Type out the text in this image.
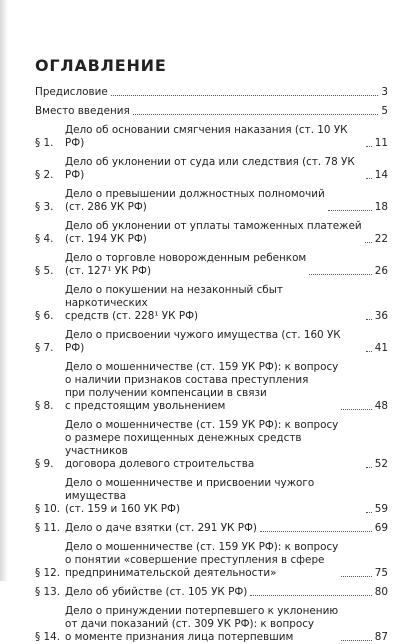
ОГЛАВЛЕНИЕ
Предисловие	3
Вместо введения	5
§ 1.
Дело об основании смягчения наказания (ст. 10 УК РФ)	11
§ 2.
Дело об уклонении от суда или следствия (ст. 78 УК РФ)	14
§ 3.
Дело о превышении должностных полномочий
(ст. 286 УК РФ)	18
§ 4.
Дело об уклонении от уплаты таможенных платежей
(ст. 194 УК РФ)	22
§ 5.
Дело о торговле новорожденным ребенком
(ст. 127¹ УК РФ)	26
§ 6.
Дело о покушении на незаконный сбыт наркотических
средств (ст. 228¹ УК РФ)	36
§ 7.
Дело о присвоении чужого имущества (ст. 160 УК РФ)	41
§ 8.
Дело о мошенничестве (ст. 159 УК РФ): к вопросу
о наличии признаков состава преступления
при получении компенсации в связи
с предстоящим увольнением	48
§ 9.
Дело о мошенничестве (ст. 159 УК РФ): к вопросу
о размере похищенных денежных средств участников
договора долевого строительства	52
§ 10.
Дело о мошенничестве и присвоении чужого имущества
(ст. 159 и 160 УК РФ)	59
§ 11. Дело о даче взятки (ст. 291 УК РФ)	69
§ 12.
Дело о мошенничестве (ст. 159 УК РФ): к вопросу
о понятии «совершение преступления в сфере
предпринимательской деятельности»	75
§ 13. Дело об убийстве (ст. 105 УК РФ)	80
§ 14.
Дело о принуждении потерпевшего к уклонению
от дачи показаний (ст. 309 УК РФ): к вопросу
о моменте признания лица потерпевшим	87
